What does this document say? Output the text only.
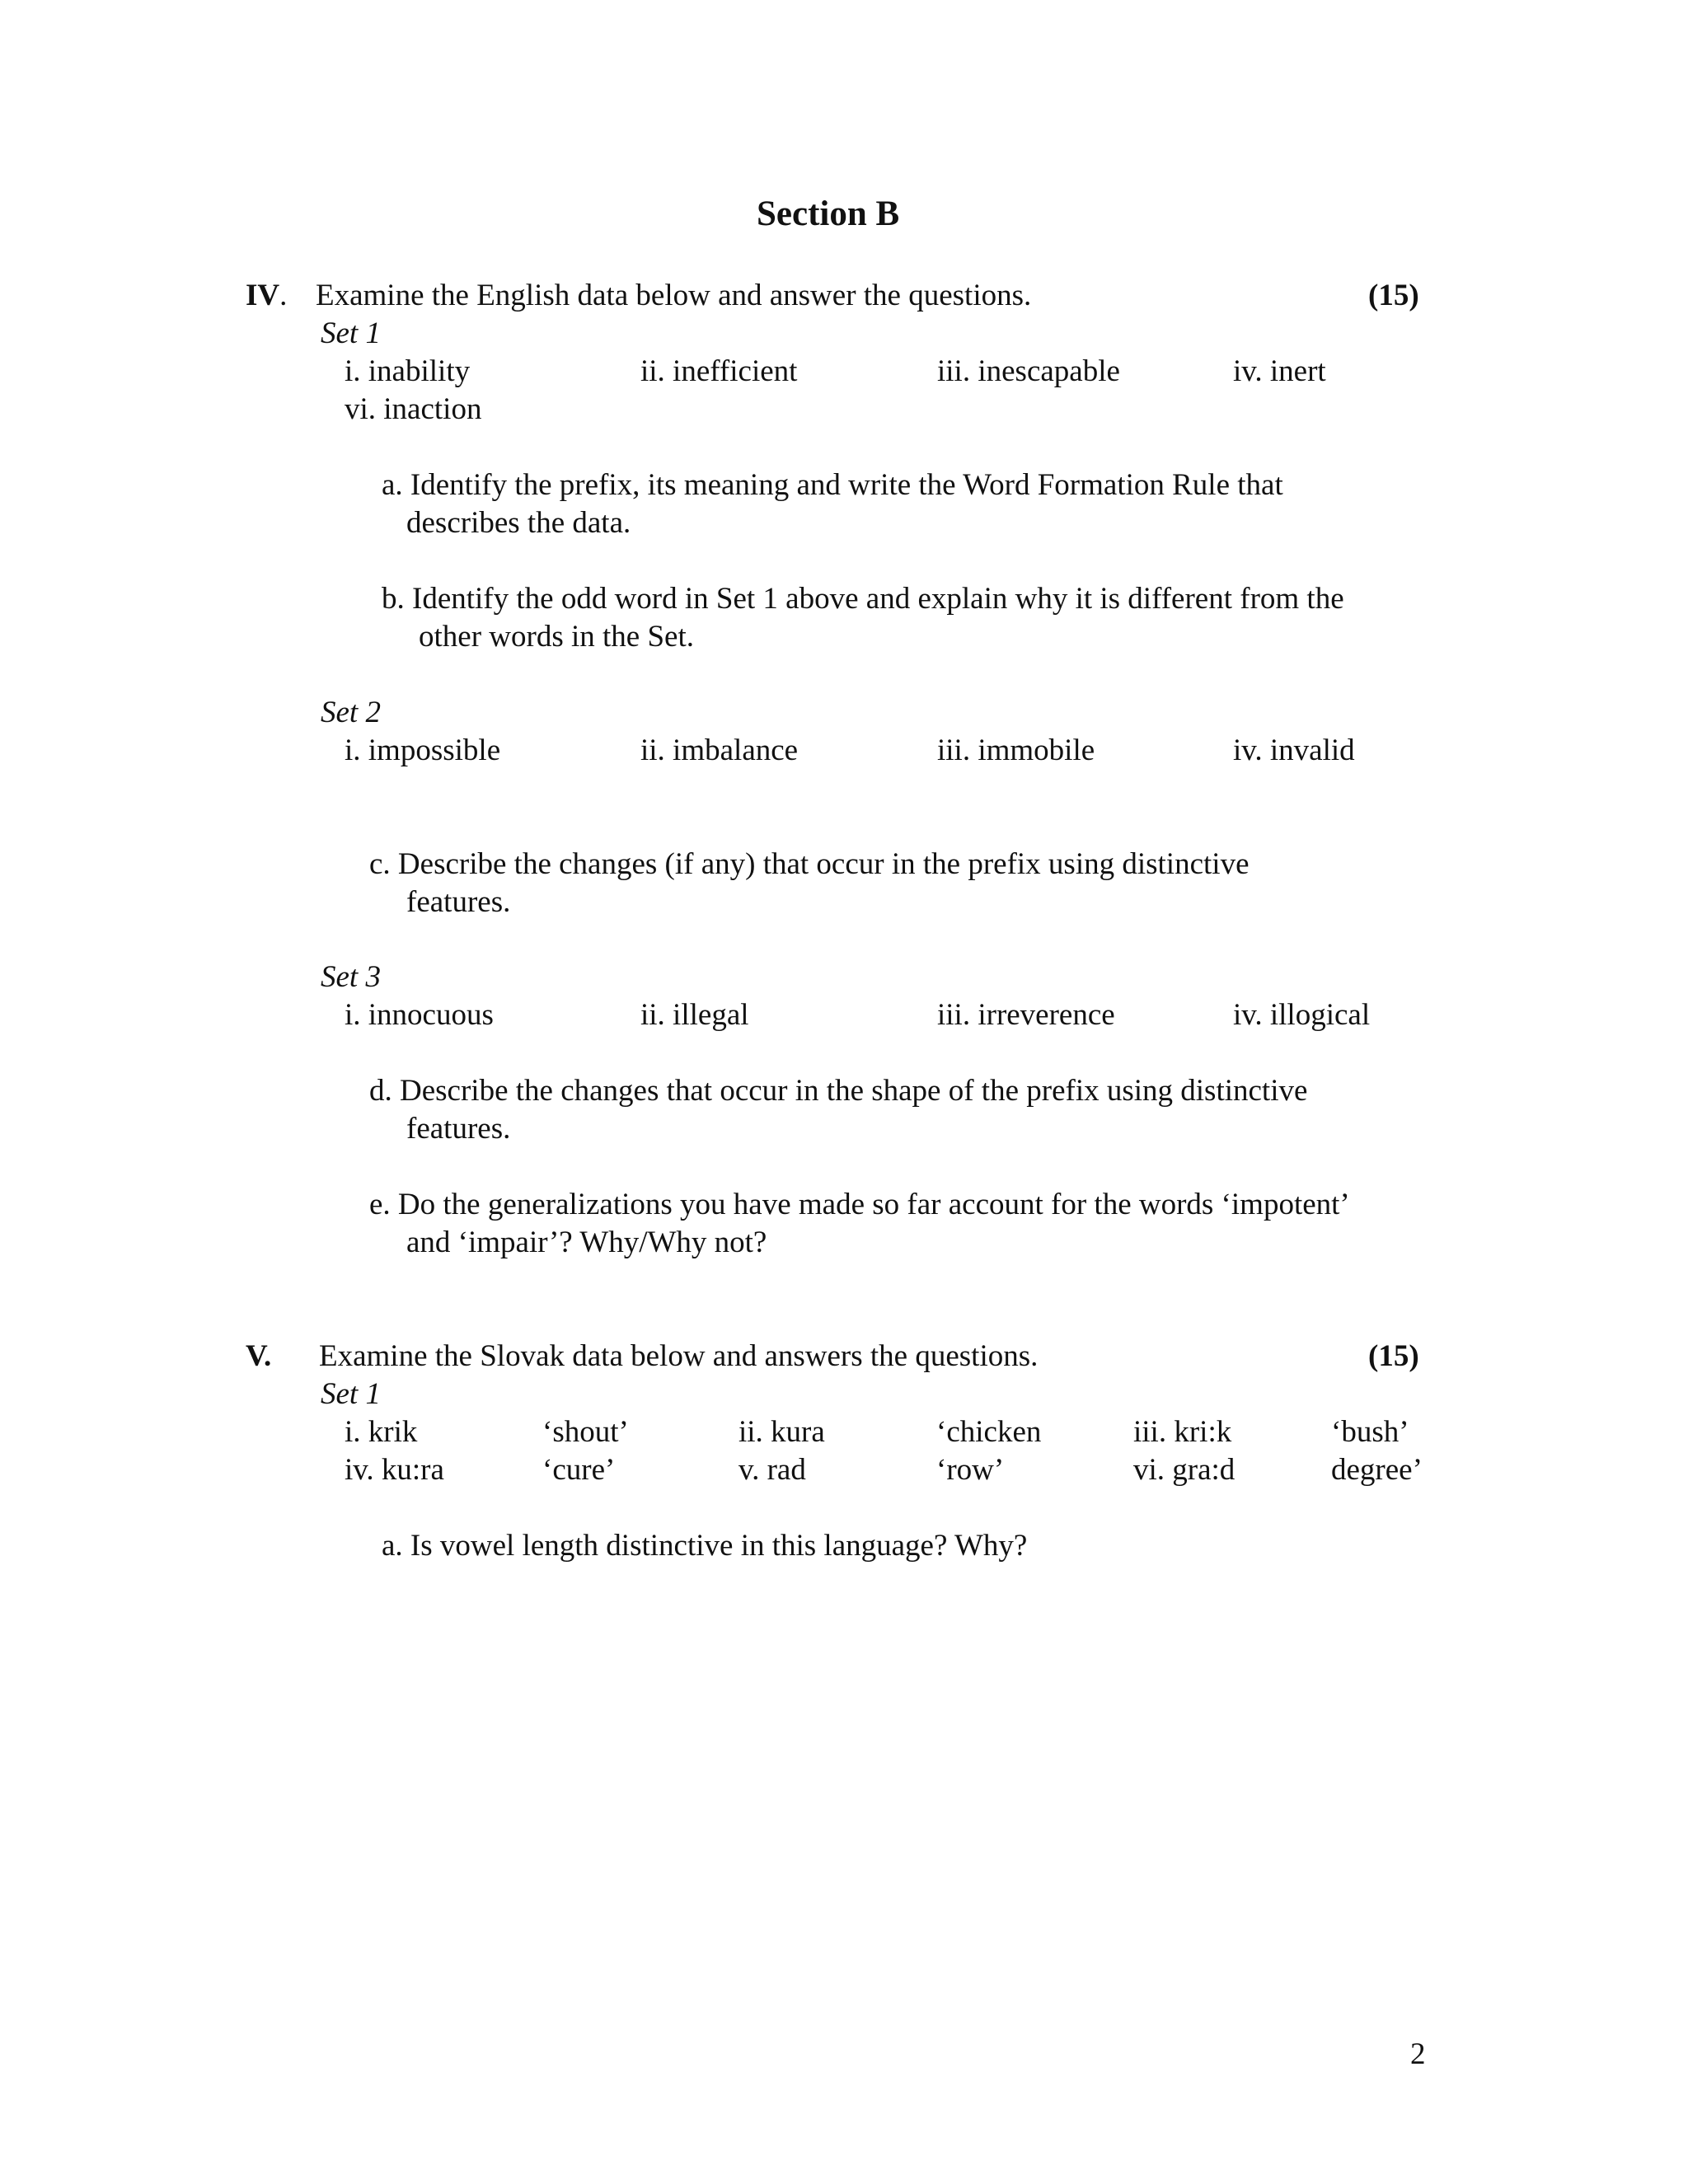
Section B
IV. Examine the English data below and answer the questions.	(15)
Set 1
i. inability	ii. inefficient	iii. inescapable	iv. inert
vi. inaction
a. Identify the prefix, its meaning and write the Word Formation Rule that
describes the data.
b. Identify the odd word in Set 1 above and explain why it is different from the
other words in the Set.
Set 2
i. impossible	ii. imbalance	iii. immobile	iv. invalid
c. Describe the changes (if any) that occur in the prefix using distinctive
features.
Set 3
i. innocuous	ii. illegal	iii. irreverence	iv. illogical
d. Describe the changes that occur in the shape of the prefix using distinctive
features.
e. Do the generalizations you have made so far account for the words ‘impotent’
and ‘impair’? Why/Why not?
V. Examine the Slovak data below and answers the questions.	(15)
Set 1
i. krik	‘shout’	ii. kura	‘chicken	iii. kri:k	‘bush’
iv. ku:ra	‘cure’	v. rad	‘row’	vi. gra:d	degree’
a. Is vowel length distinctive in this language? Why?
2
